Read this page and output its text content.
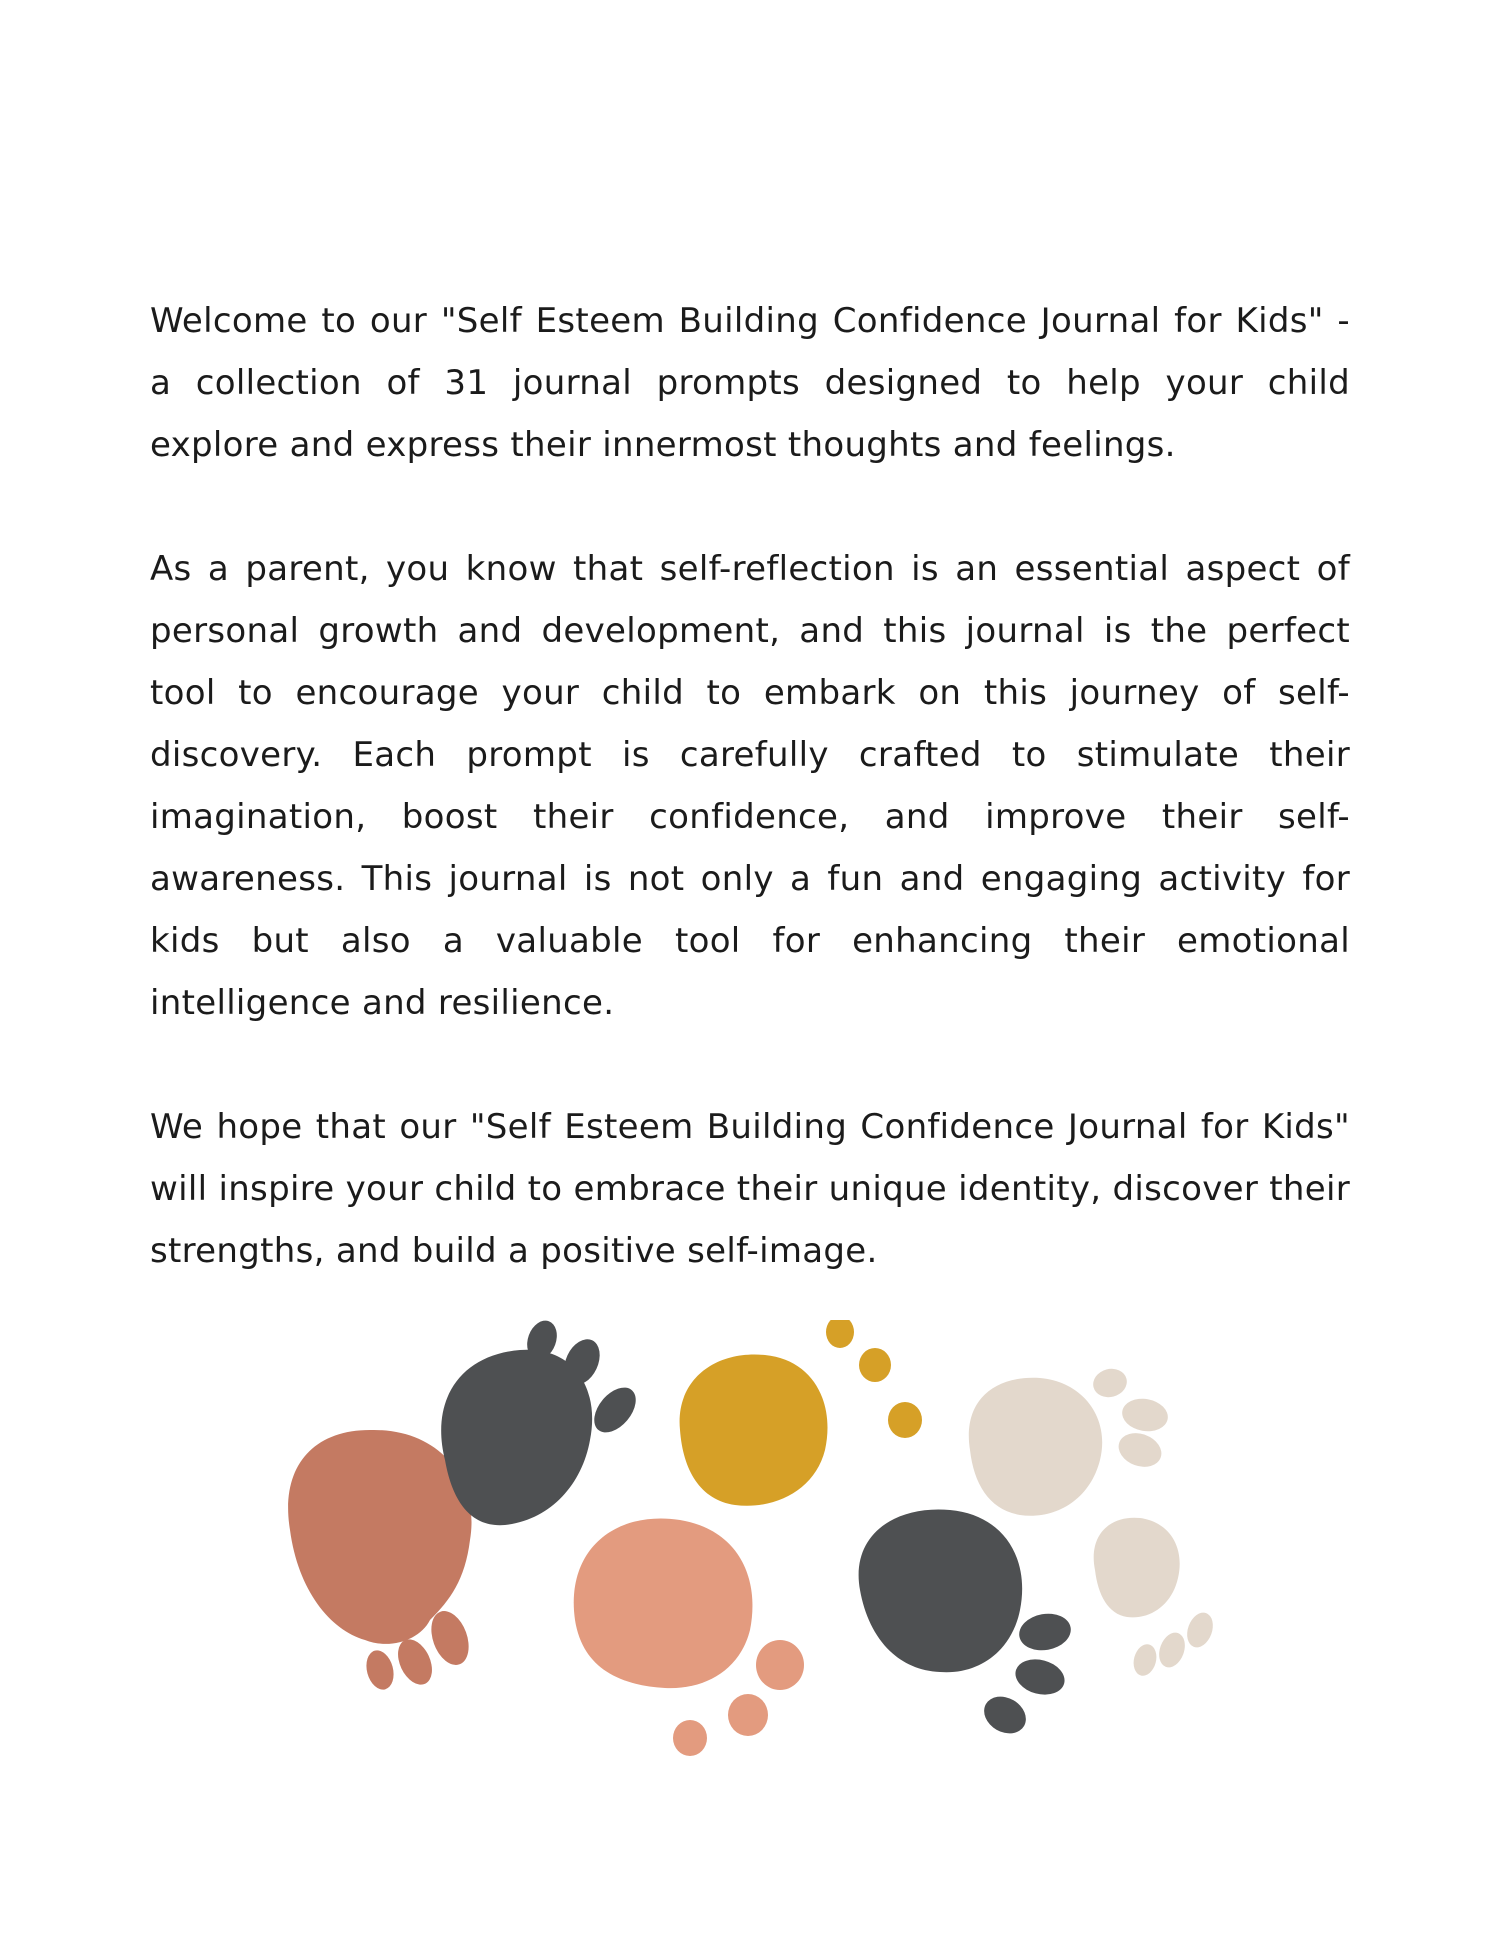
Welcome to our "Self Esteem Building Confidence Journal for Kids" - a collection of 31 journal prompts designed to help your child explore and express their innermost thoughts and feelings.

As a parent, you know that self-reflection is an essential aspect of personal growth and development, and this journal is the perfect tool to encourage your child to embark on this journey of self-discovery. Each prompt is carefully crafted to stimulate their imagination, boost their confidence, and improve their self-awareness. This journal is not only a fun and engaging activity for kids but also a valuable tool for enhancing their emotional intelligence and resilience.

We hope that our "Self Esteem Building Confidence Journal for Kids" will inspire your child to embrace their unique identity, discover their strengths, and build a positive self-image.
